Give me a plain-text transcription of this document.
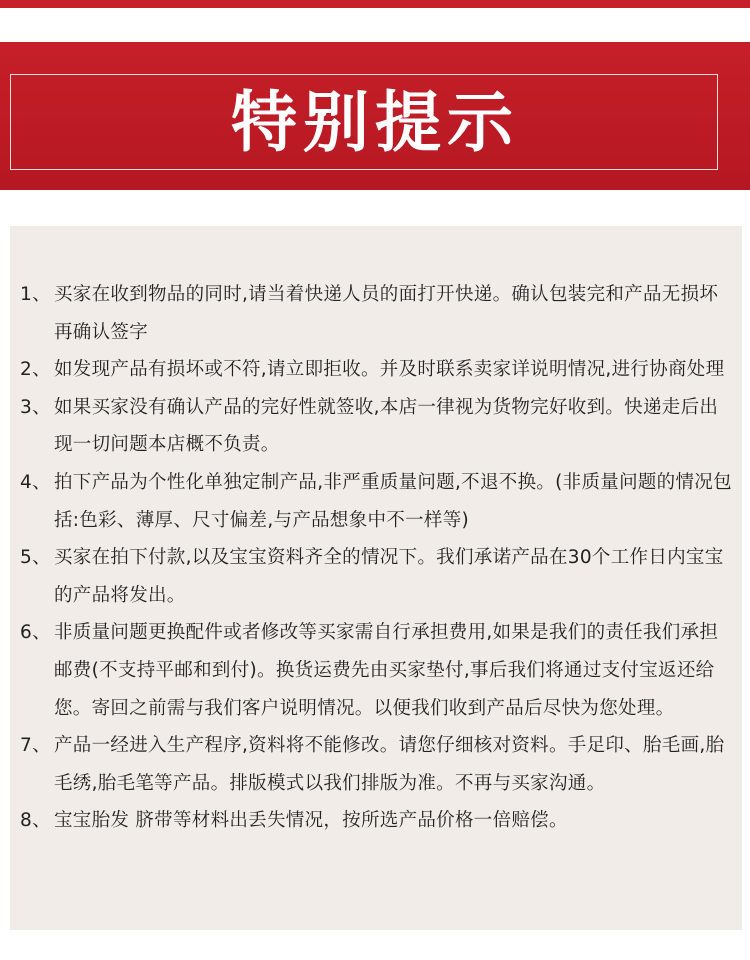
特别提示
1、 买家在收到物品的同时,请当着快递人员的面打开快递。确认包装完和产品无损坏再确认签字
2、 如发现产品有损坏或不符,请立即拒收。并及时联系卖家详说明情况,进行协商处理
3、 如果买家没有确认产品的完好性就签收,本店一律视为货物完好收到。快递走后出现一切问题本店概不负责。
4、 拍下产品为个性化单独定制产品,非严重质量问题,不退不换。(非质量问题的情况包括:色彩、薄厚、尺寸偏差,与产品想象中不一样等)
5、 买家在拍下付款,以及宝宝资料齐全的情况下。我们承诺产品在30个工作日内宝宝的产品将发出。
6、 非质量问题更换配件或者修改等买家需自行承担费用,如果是我们的责任我们承担邮费(不支持平邮和到付)。换货运费先由买家垫付,事后我们将通过支付宝返还给您。寄回之前需与我们客户说明情况。以便我们收到产品后尽快为您处理。
7、 产品一经进入生产程序,资料将不能修改。请您仔细核对资料。手足印、胎毛画,胎毛绣,胎毛笔等产品。排版模式以我们排版为准。不再与买家沟通。
8、 宝宝胎发 脐带等材料出丢失情况，按所选产品价格一倍赔偿。
